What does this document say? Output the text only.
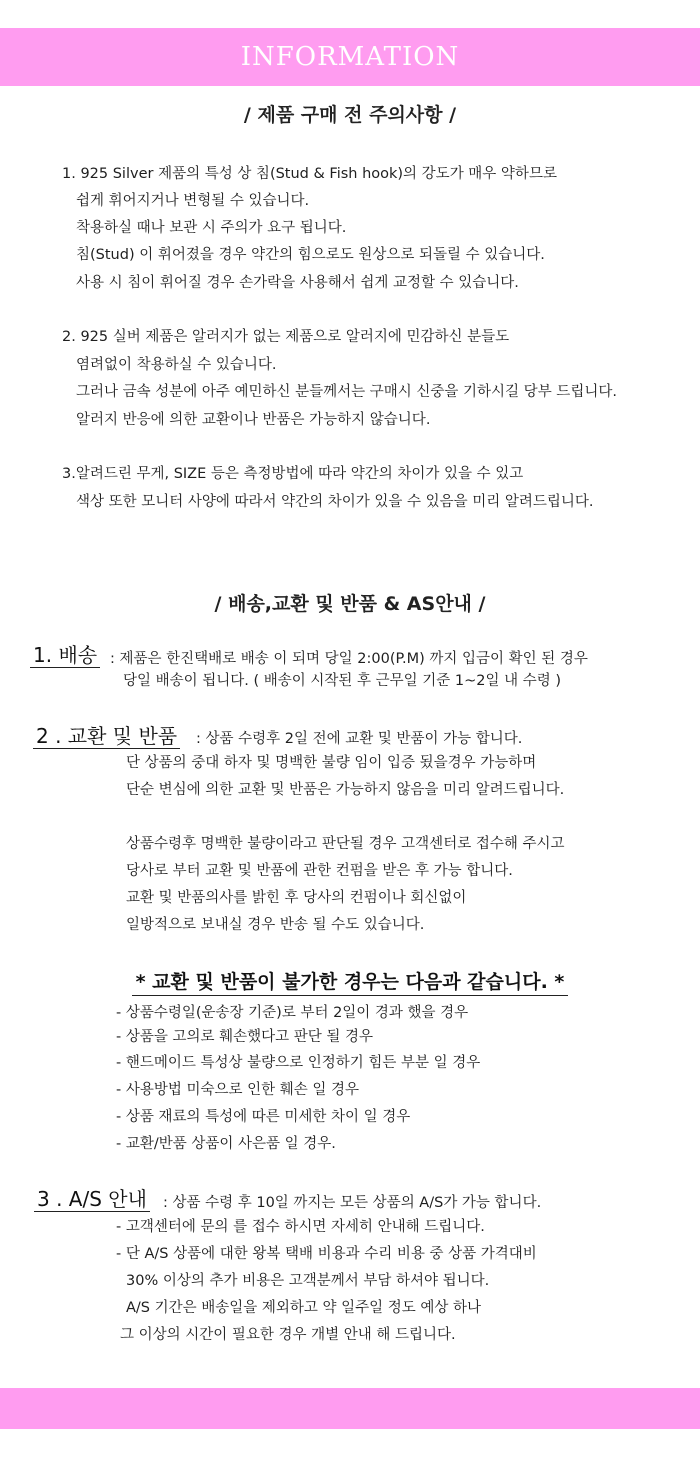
INFORMATION
/ 제품 구매 전 주의사항 /
1. 925 Silver 제품의 특성 상 침(Stud & Fish hook)의 강도가 매우 약하므로
쉽게 휘어지거나 변형될 수 있습니다.
착용하실 때나 보관 시 주의가 요구 됩니다.
침(Stud) 이 휘어졌을 경우 약간의 힘으로도 원상으로 되돌릴 수 있습니다.
사용 시 침이 휘어질 경우 손가락을 사용해서 쉽게 교정할 수 있습니다.
2. 925 실버 제품은 알러지가 없는 제품으로 알러지에 민감하신 분들도
염려없이 착용하실 수 있습니다.
그러나 금속 성분에 아주 예민하신 분들께서는 구매시 신중을 기하시길 당부 드립니다.
알러지 반응에 의한 교환이나 반품은 가능하지 않습니다.
3.알려드린 무게, SIZE 등은 측정방법에 따라 약간의 차이가 있을 수 있고
색상 또한 모니터 사양에 따라서 약간의 차이가 있을 수 있음을 미리 알려드립니다.
/ 배송,교환 및 반품 & AS안내 /
1. 배송 : 제품은 한진택배로 배송 이 되며 당일 2:00(P.M) 까지 입금이 확인 된 경우
당일 배송이 됩니다. ( 배송이 시작된 후 근무일 기준 1~2일 내 수령 )
2 . 교환 및 반품 : 상품 수령후 2일 전에 교환 및 반품이 가능 합니다.
단 상품의 중대 하자 및 명백한 불량 임이 입증 됬을경우 가능하며
단순 변심에 의한 교환 및 반품은 가능하지 않음을 미리 알려드립니다.
상품수령후 명백한 불량이라고 판단될 경우 고객센터로 접수해 주시고
당사로 부터 교환 및 반품에 관한 컨펌을 받은 후 가능 합니다.
교환 및 반품의사를 밝힌 후 당사의 컨펌이나 회신없이
일방적으로 보내실 경우 반송 될 수도 있습니다.
* 교환 및 반품이 불가한 경우는 다음과 같습니다. *
- 상품수령일(운송장 기준)로 부터 2일이 경과 했을 경우
- 상품을 고의로 훼손했다고 판단 될 경우
- 핸드메이드 특성상 불량으로 인정하기 힘든 부분 일 경우
- 사용방법 미숙으로 인한 훼손 일 경우
- 상품 재료의 특성에 따른 미세한 차이 일 경우
- 교환/반품 상품이 사은품 일 경우.
3 . A/S 안내 : 상품 수령 후 10일 까지는 모든 상품의 A/S가 가능 합니다.
- 고객센터에 문의 를 접수 하시면 자세히 안내해 드립니다.
- 단 A/S 상품에 대한 왕복 택배 비용과 수리 비용 중 상품 가격대비
30% 이상의 추가 비용은 고객분께서 부담 하셔야 됩니다.
A/S 기간은 배송일을 제외하고 약 일주일 정도 예상 하나
그 이상의 시간이 필요한 경우 개별 안내 해 드립니다.
